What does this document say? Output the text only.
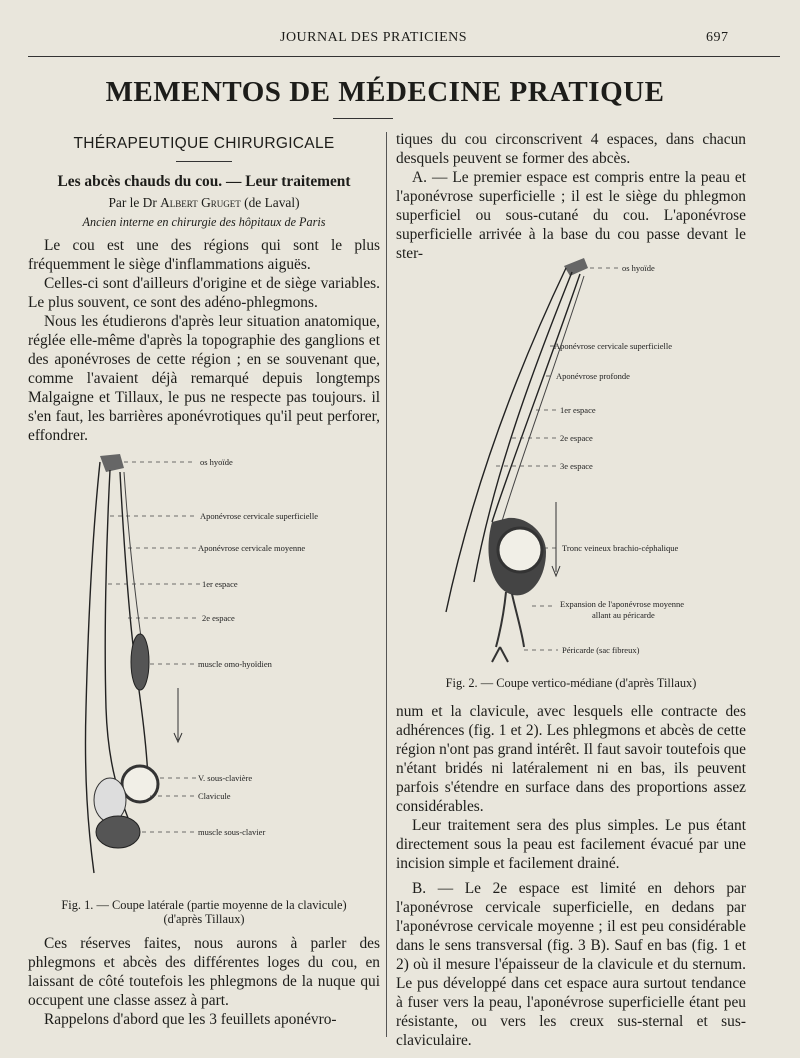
JOURNAL DES PRATICIENS	697
MEMENTOS DE MÉDECINE PRATIQUE
THÉRAPEUTIQUE CHIRURGICALE
Les abcès chauds du cou. — Leur traitement
Par le Dr Albert Gruget (de Laval)
Ancien interne en chirurgie des hôpitaux de Paris

Le cou est une des régions qui sont le plus fréquemment le siège d'inflammations aiguës.

Celles-ci sont d'ailleurs d'origine et de siège variables. Le plus souvent, ce sont des adéno-phlegmons.

Nous les étudierons d'après leur situation anatomique, réglée elle-même d'après la topographie des ganglions et des aponévroses de cette région ; en se souvenant que, comme l'avaient déjà remarqué depuis longtemps Malgaigne et Tillaux, le pus ne respecte pas toujours. il s'en faut, les barrières aponévrotiques qu'il peut perforer, effondrer.

os hyoïde
Aponévrose cervicale superficielle
Aponévrose cervicale moyenne
1er espace
2e espace
muscle omo-hyoïdien
V. sous-clavière
Clavicule
muscle sous-clavier
Fig. 1. — Coupe latérale (partie moyenne de la clavicule)
(d'après Tillaux)

Ces réserves faites, nous aurons à parler des phlegmons et abcès des différentes loges du cou, en laissant de côté toutefois les phlegmons de la nuque qui occupent une classe assez à part.

Rappelons d'abord que les 3 feuillets aponévro-

tiques du cou circonscrivent 4 espaces, dans chacun desquels peuvent se former des abcès.

A. — Le premier espace est compris entre la peau et l'aponévrose superficielle ; il est le siège du phlegmon superficiel ou sous-cutané du cou. L'aponévrose superficielle arrivée à la base du cou passe devant le ster-

os hyoïde
Aponévrose cervicale superficielle
Aponévrose profonde
1er espace
2e espace
3e espace
Tronc veineux brachio-céphalique
Expansion de l'aponévrose moyenne
allant au péricarde
Péricarde (sac fibreux)
Fig. 2. — Coupe vertico-médiane (d'après Tillaux)

num et la clavicule, avec lesquels elle contracte des adhérences (fig. 1 et 2). Les phlegmons et abcès de cette région n'ont pas grand intérêt. Il faut savoir toutefois que n'étant bridés ni latéralement ni en bas, ils peuvent parfois s'étendre en surface dans des proportions assez considérables.

Leur traitement sera des plus simples. Le pus étant directement sous la peau est facilement évacué par une incision simple et facilement drainé.

B. — Le 2e espace est limité en dehors par l'aponévrose cervicale superficielle, en dedans par l'aponévrose cervicale moyenne ; il est peu considérable dans le sens transversal (fig. 3 B). Sauf en bas (fig. 1 et 2) où il mesure l'épaisseur de la clavicule et du sternum. Le pus développé dans cet espace aura surtout tendance à fuser vers la peau, l'aponévrose superficielle étant peu résistante, ou vers les creux sus-sternal et sus-claviculaire.
